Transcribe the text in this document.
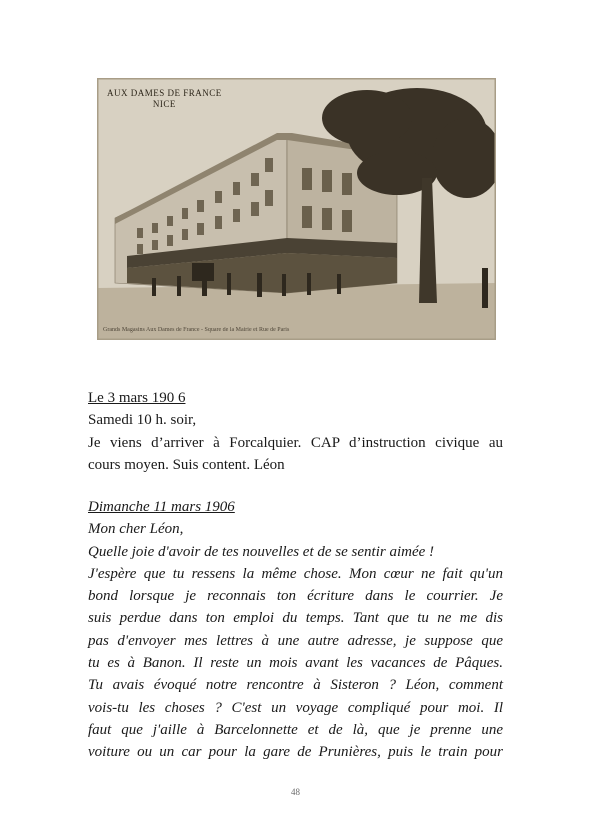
AUX DAMES DE FRANCE
NICE
Grands Magasins Aux Dames de France - Square de la Mairie et Rue de Paris

Le 3 mars 190 6

Samedi 10 h. soir,

Je viens d’arriver à Forcalquier. CAP d’instruction civique au

cours moyen. Suis content. Léon

Dimanche 11 mars 1906

Mon cher Léon,

Quelle joie d'avoir de tes nouvelles et de se sentir aimée !

J'espère que tu ressens la même chose. Mon cœur ne fait qu'un

bond lorsque je reconnais ton écriture dans le courrier. Je

suis perdue dans ton emploi du temps. Tant que tu ne me dis

pas d'envoyer mes lettres à une autre adresse, je suppose que

tu es à Banon. Il reste un mois avant les vacances de Pâques.

Tu avais évoqué notre rencontre à Sisteron ? Léon, comment

vois-tu les choses ? C'est un voyage compliqué pour moi. Il

faut que j'aille à Barcelonnette et de là, que je prenne une

voiture ou un car pour la gare de Prunières, puis le train pour

48
